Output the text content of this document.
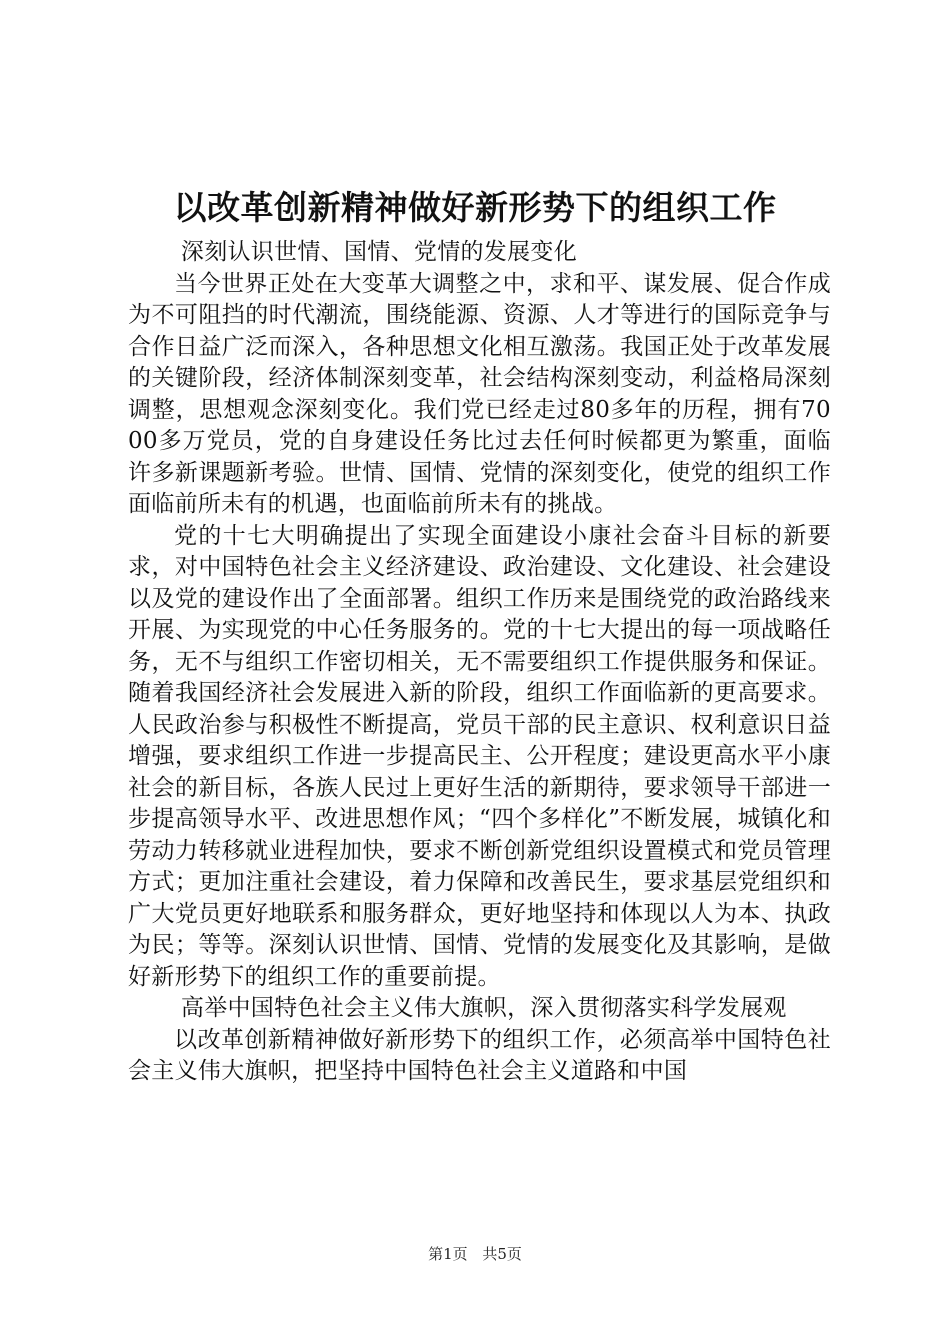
以改革创新精神做好新形势下的组织工作

深刻认识世情、国情、党情的发展变化

当今世界正处在大变革大调整之中，求和平、谋发展、促合作成为不可阻挡的时代潮流，围绕能源、资源、人才等进行的国际竞争与合作日益广泛而深入，各种思想文化相互激荡。我国正处于改革发展的关键阶段，经济体制深刻变革，社会结构深刻变动，利益格局深刻调整，思想观念深刻变化。我们党已经走过80多年的历程，拥有7000多万党员，党的自身建设任务比过去任何时候都更为繁重，面临许多新课题新考验。世情、国情、党情的深刻变化，使党的组织工作面临前所未有的机遇，也面临前所未有的挑战。

党的十七大明确提出了实现全面建设小康社会奋斗目标的新要求，对中国特色社会主义经济建设、政治建设、文化建设、社会建设以及党的建设作出了全面部署。组织工作历来是围绕党的政治路线来开展、为实现党的中心任务服务的。党的十七大提出的每一项战略任务，无不与组织工作密切相关，无不需要组织工作提供服务和保证。随着我国经济社会发展进入新的阶段，组织工作面临新的更高要求。人民政治参与积极性不断提高，党员干部的民主意识、权利意识日益增强，要求组织工作进一步提高民主、公开程度；建设更高水平小康社会的新目标，各族人民过上更好生活的新期待，要求领导干部进一步提高领导水平、改进思想作风；“四个多样化”不断发展，城镇化和劳动力转移就业进程加快，要求不断创新党组织设置模式和党员管理方式；更加注重社会建设，着力保障和改善民生，要求基层党组织和广大党员更好地联系和服务群众，更好地坚持和体现以人为本、执政为民；等等。深刻认识世情、国情、党情的发展变化及其影响，是做好新形势下的组织工作的重要前提。

高举中国特色社会主义伟大旗帜，深入贯彻落实科学发展观

以改革创新精神做好新形势下的组织工作，必须高举中国特色社会主义伟大旗帜，把坚持中国特色社会主义道路和中国

第1页 共5页
